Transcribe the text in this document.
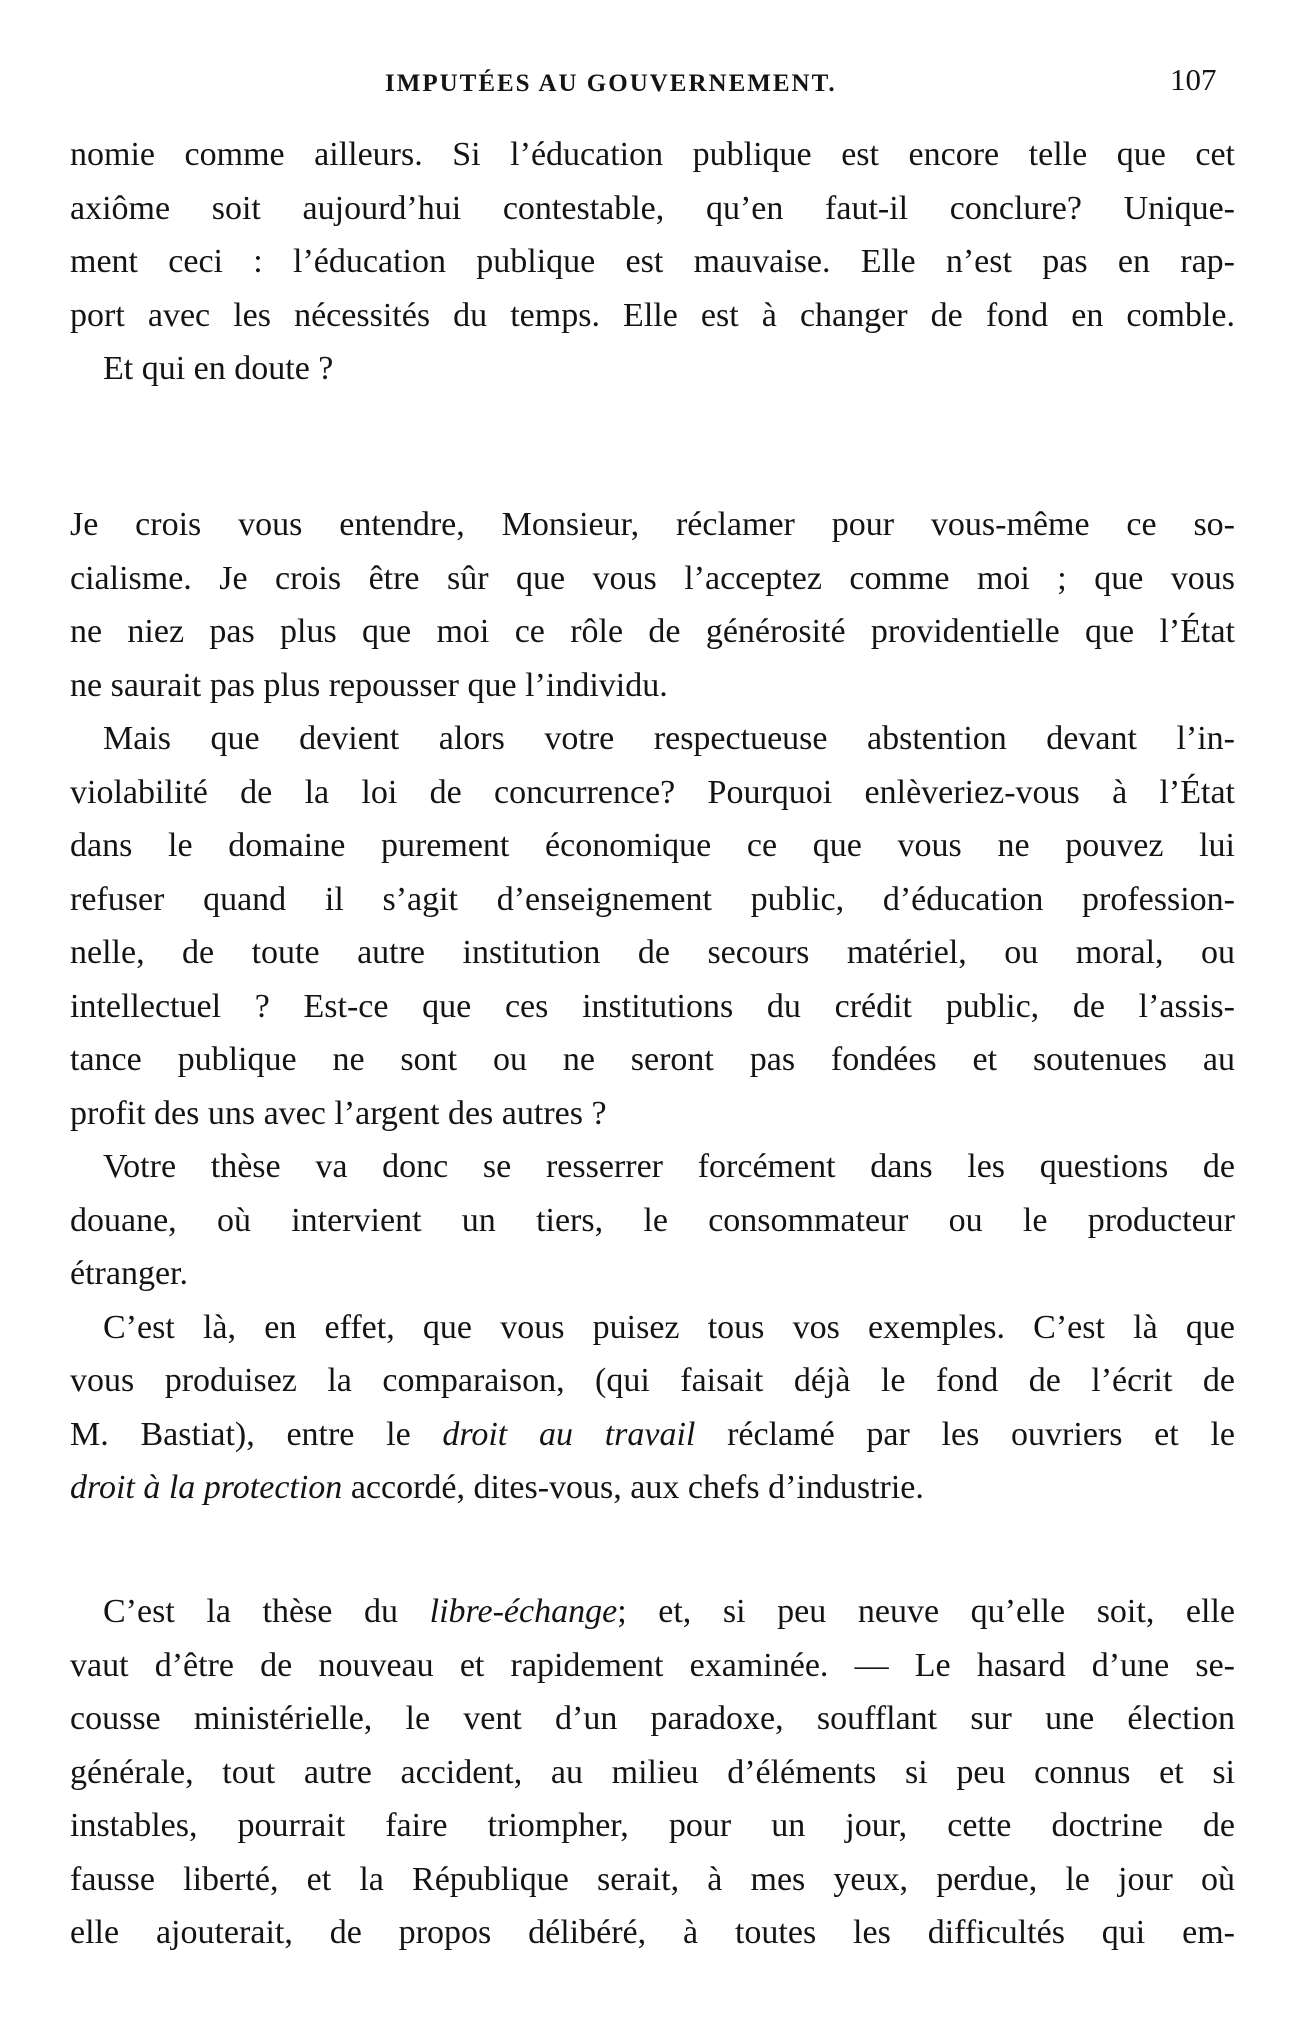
IMPUTÉES AU GOUVERNEMENT.	107
nomie comme ailleurs. Si l’éducation publique est encore telle que cet
axiôme soit aujourd’hui contestable, qu’en faut-il conclure? Unique-
ment ceci : l’éducation publique est mauvaise. Elle n’est pas en rap-
port avec les nécessités du temps. Elle est à changer de fond en comble.
Et qui en doute ?
Je crois vous entendre, Monsieur, réclamer pour vous-même ce so-
cialisme. Je crois être sûr que vous l’acceptez comme moi ; que vous
ne niez pas plus que moi ce rôle de générosité providentielle que l’État
ne saurait pas plus repousser que l’individu.
Mais que devient alors votre respectueuse abstention devant l’in-
violabilité de la loi de concurrence? Pourquoi enlèveriez-vous à l’État
dans le domaine purement économique ce que vous ne pouvez lui
refuser quand il s’agit d’enseignement public, d’éducation profession-
nelle, de toute autre institution de secours matériel, ou moral, ou
intellectuel ? Est-ce que ces institutions du crédit public, de l’assis-
tance publique ne sont ou ne seront pas fondées et soutenues au
profit des uns avec l’argent des autres ?
Votre thèse va donc se resserrer forcément dans les questions de
douane, où intervient un tiers, le consommateur ou le producteur
étranger.
C’est là, en effet, que vous puisez tous vos exemples. C’est là que
vous produisez la comparaison, (qui faisait déjà le fond de l’écrit de
M. Bastiat), entre le droit au travail réclamé par les ouvriers et le
droit à la protection accordé, dites-vous, aux chefs d’industrie.
C’est la thèse du libre-échange; et, si peu neuve qu’elle soit, elle
vaut d’être de nouveau et rapidement examinée. — Le hasard d’une se-
cousse ministérielle, le vent d’un paradoxe, soufflant sur une élection
générale, tout autre accident, au milieu d’éléments si peu connus et si
instables, pourrait faire triompher, pour un jour, cette doctrine de
fausse liberté, et la République serait, à mes yeux, perdue, le jour où
elle ajouterait, de propos délibéré, à toutes les difficultés qui em-
